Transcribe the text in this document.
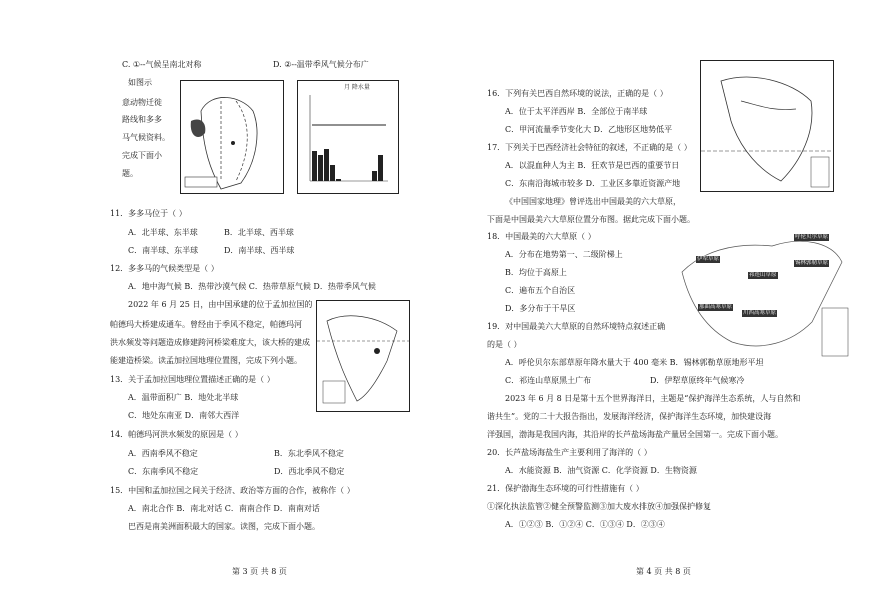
C. ①--气候呈南北对称	D. ②--温带季风气候分布广
如图示
意动物迁徙
路线和多多
马气候资料。
完成下面小
题。
月 降水量
11．多多马位于（ ）
A．北半球、东半球	B．北半球、西半球
C．南半球、东半球	D．南半球、西半球
12．多多马的气候类型是（ ）
A．地中海气候 B．热带沙漠气候 C．热带草原气候 D．热带季风气候
2022 年 6 月 25 日，由中国承建的位于孟加拉国的
帕德玛大桥建成通车。曾经由于季风不稳定，帕德玛河
洪水频发等问题造成修建跨河桥梁难度大，该大桥的建成
能建造桥梁。读孟加拉国地理位置图，完成下列小题。
13．关于孟加拉国地理位置描述正确的是（ ）
A．温带面积广 B．地处北半球
C．地处东南亚 D．南邻大西洋
14．帕德玛河洪水频发的原因是（ ）
A．西南季风不稳定	B．东北季风不稳定
C．东南季风不稳定	D．西北季风不稳定
15．中国和孟加拉国之间关于经济、政治等方面的合作，被称作（ ）
A．南北合作 B．南北对话 C．南南合作 D．南南对话
巴西是南美洲面积最大的国家。读图，完成下面小题。
第 3 页 共 8 页
16．下列有关巴西自然环境的说法，正确的是（ ）
A．位于太平洋西岸 B．全部位于南半球
C．甲河流量季节变化大 D．乙地形区地势低平
17．下列关于巴西经济社会特征的叙述，不正确的是（ ）
A．以混血种人为主 B．狂欢节是巴西的重要节日
C．东南沿海城市较多 D．工业区多靠近资源产地
《中国国家地理》曾评选出中国最美的六大草原，
下面是中国最美六大草原位置分布图。据此完成下面小题。
18．中国最美的六大草原（ ）
A．分布在地势第一、二级阶梯上
B．均位于高原上
C．遍布五个自治区
D．多分布于干旱区
19．对中国最美六大草原的自然环境特点叙述正确
的是（ ）
呼伦贝尔草原
锡林郭勒草原
伊犁草原
祁连山草原
那曲高寒草原
川西高寒草原
A．呼伦贝尔东部草原年降水量大于 400 毫米 B．锡林郭勒草原地形平坦
C．祁连山草原黑土广布	D．伊犁草原终年气候寒冷
2023 年 6 月 8 日是第十五个世界海洋日，主题是“保护海洋生态系统，人与自然和
谐共生”。党的二十大报告指出，发展海洋经济，保护海洋生态环境，加快建设海
洋强国，渤海是我国内海，其沿岸的长芦盐场海盐产量居全国第一。完成下面小题。
20．长芦盐场海盐生产主要利用了海洋的（ ）
A．水能资源 B．油气资源 C．化学资源 D．生物资源
21．保护渤海生态环境的可行性措施有（ ）
①深化执法监管②健全预警监测③加大废水排放④加强保护修复
A．①②③ B．①②④ C．①③④ D．②③④
第 4 页 共 8 页
